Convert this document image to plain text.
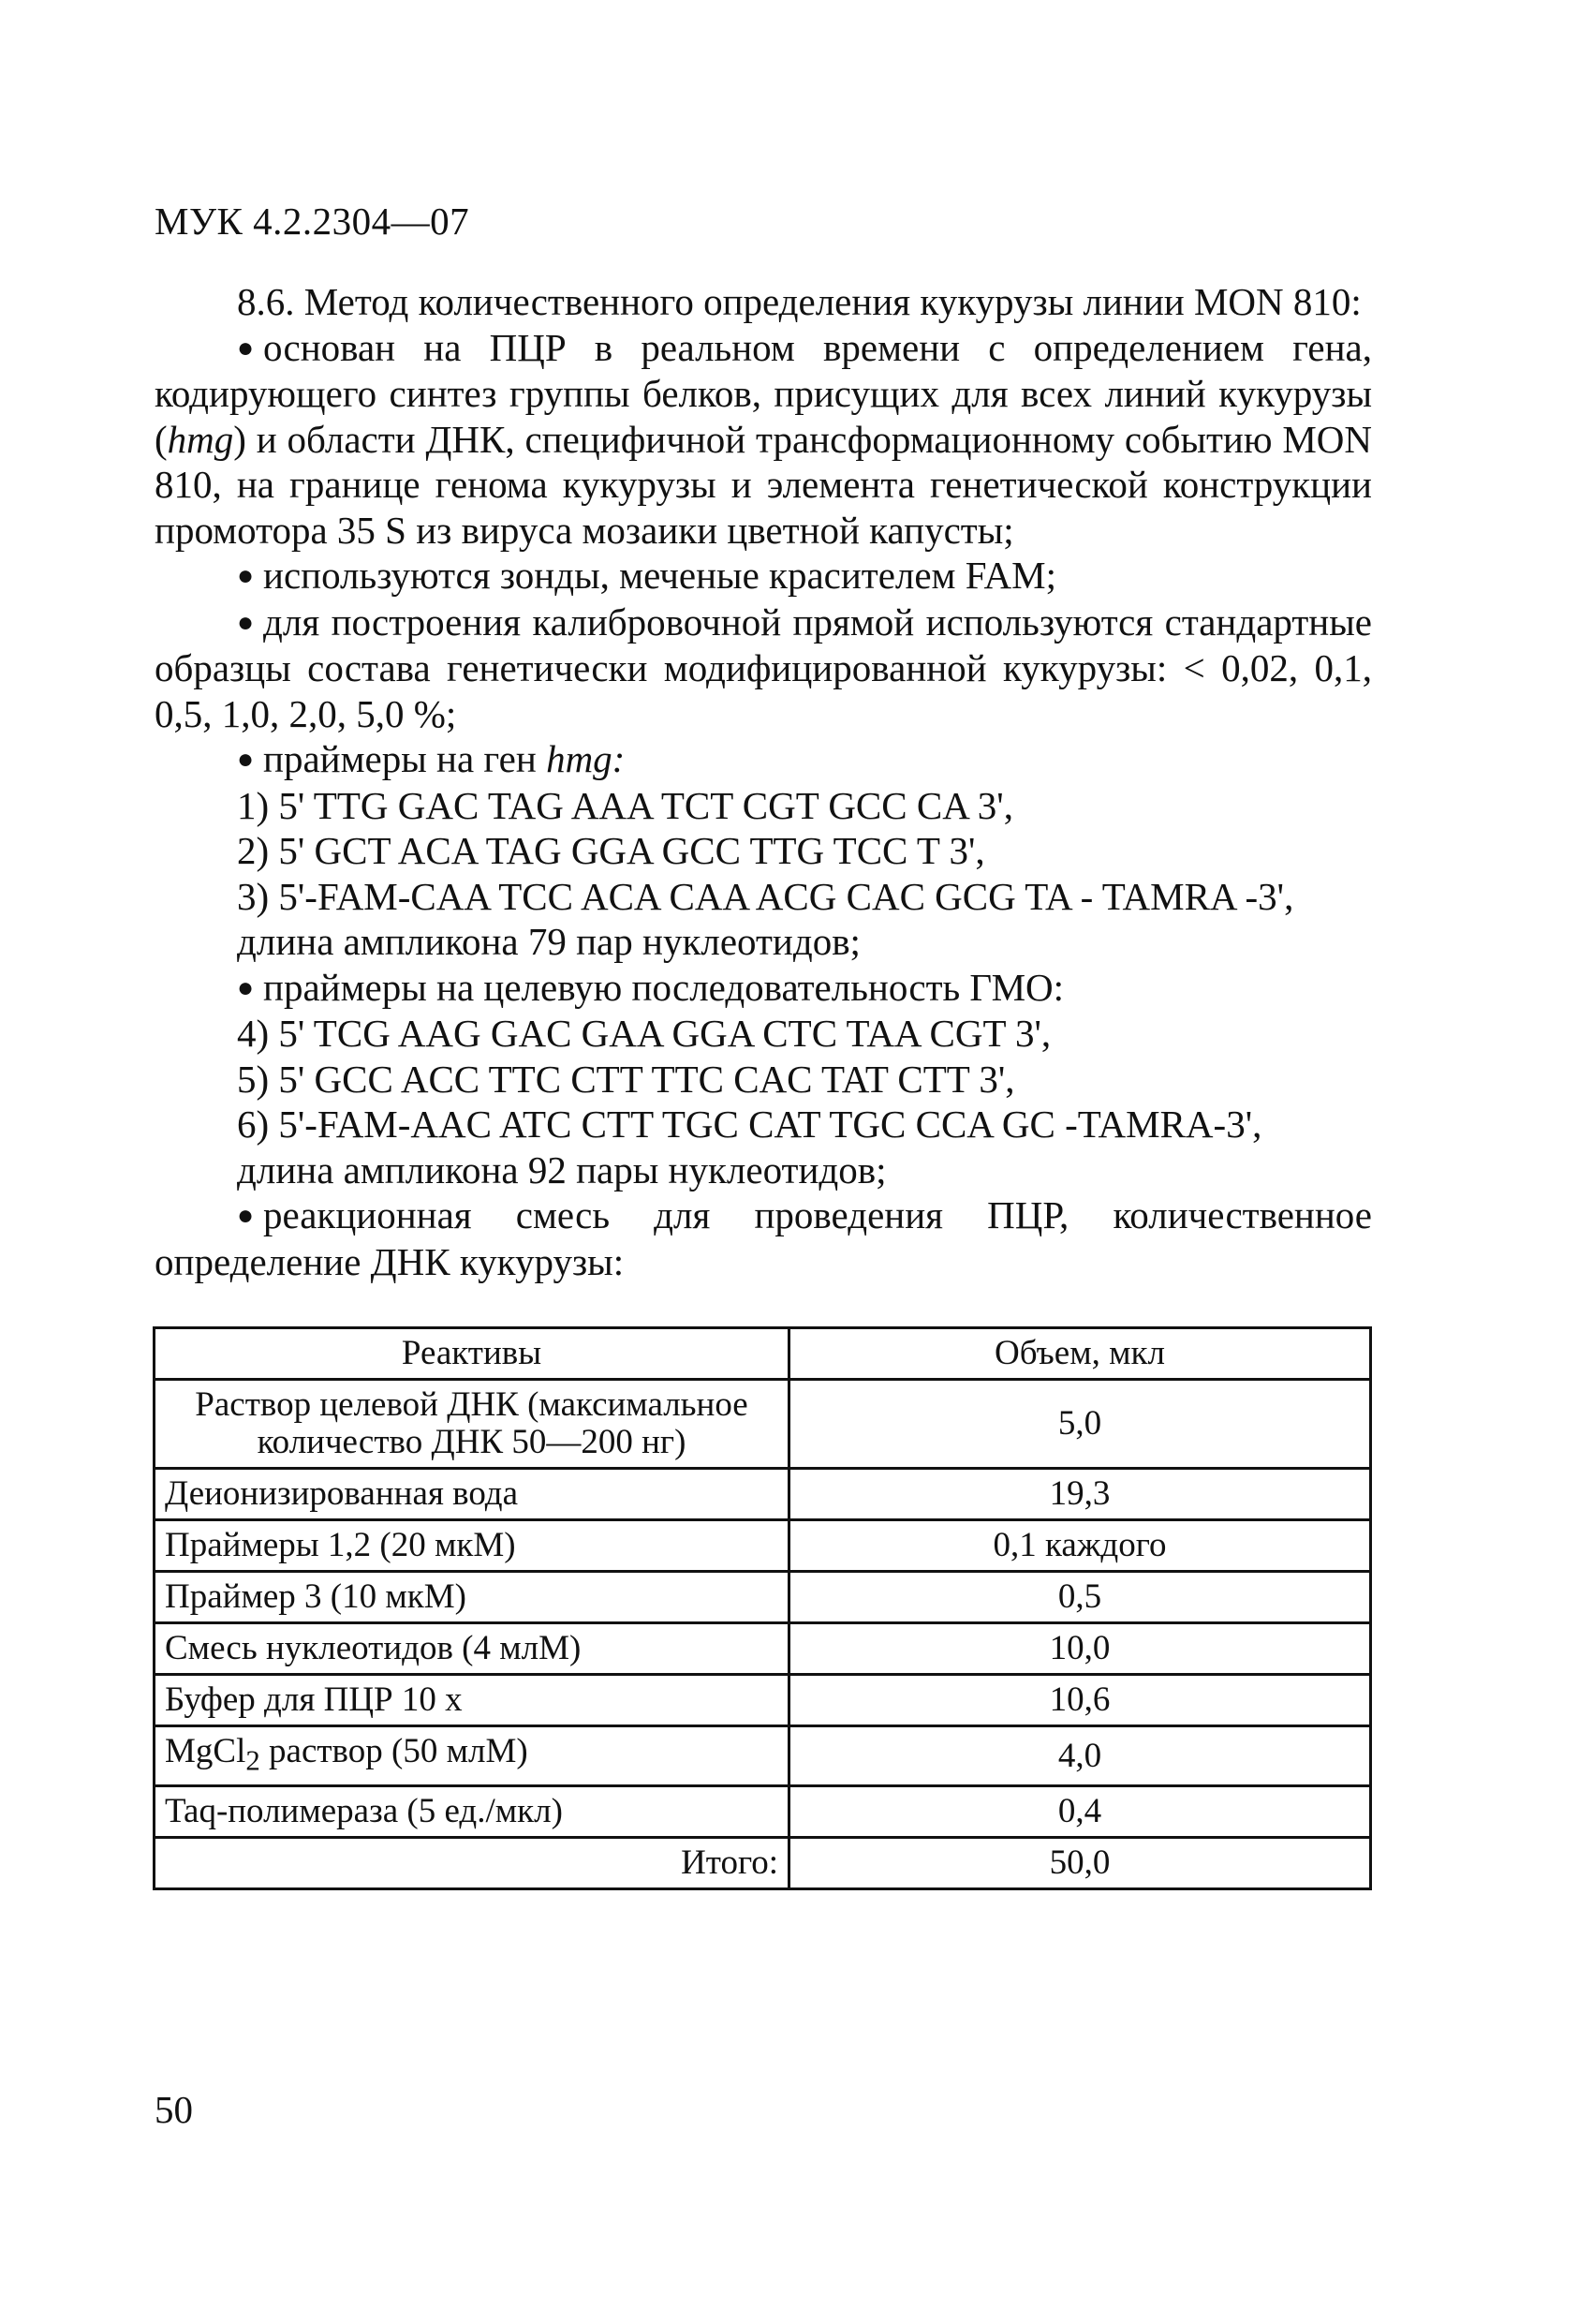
МУК 4.2.2304—07

8.6. Метод количественного определения кукурузы линии MON 810:

● основан на ПЦР в реальном времени с определением гена, кодирующего синтез группы белков, присущих для всех линий кукурузы (hmg) и области ДНК, специфичной трансформационному событию MON 810, на границе генома кукурузы и элемента генетической конструкции промотора 35 S из вируса мозаики цветной капусты;

● используются зонды, меченые красителем FAM;

● для построения калибровочной прямой используются стандартные образцы состава генетически модифицированной кукурузы: < 0,02, 0,1, 0,5, 1,0, 2,0, 5,0 %;

● праймеры на ген hmg:

1) 5' TTG GAC TAG AAA TCT CGT GCC CA 3',

2) 5' GCT ACA TAG GGA GCC TTG TCC T 3',

3) 5'-FAM-CAA TCC ACA CAA ACG CAC GCG TA - TAMRA -3',

длина ампликона 79 пар нуклеотидов;

● праймеры на целевую последовательность ГМО:

4) 5' TCG AAG GAC GAA GGA CTC TAA CGT 3',

5) 5' GCC ACC TTC CTT TTC CAC TAT CTT 3',

6) 5'-FAM-AAC ATC CTT TGC CAT TGC CCA GC -TAMRA-3',

длина ампликона 92 пары нуклеотидов;

● реакционная смесь для проведения ПЦР, количественное определение ДНК кукурузы:

Реактивы	Объем, мкл
Раствор целевой ДНК (максимальное количество ДНК 50—200 нг)	5,0
Деионизированная вода	19,3
Праймеры 1,2 (20 мкМ)	0,1 каждого
Праймер 3 (10 мкМ)	0,5
Смесь нуклеотидов (4 млМ)	10,0
Буфер для ПЦР 10 х	10,6
MgCl$_2$ раствор (50 млМ)	4,0
Taq-полимераза (5 ед./мкл)	0,4
Итого:	50,0
50
